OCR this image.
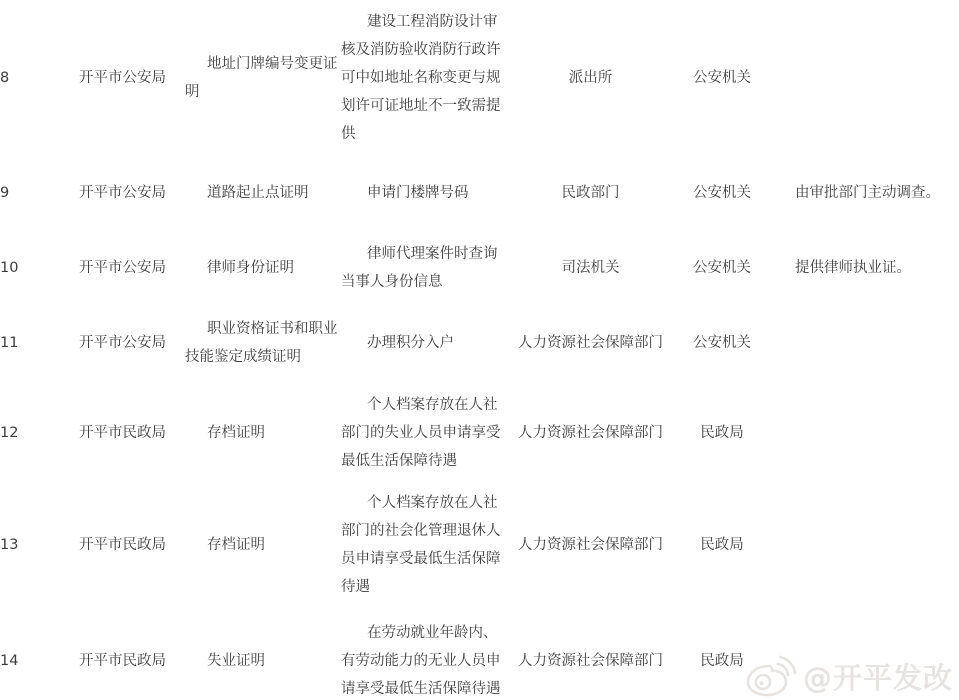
8	开平市公安局	地址门牌编号变更证明	建设工程消防设计审核及消防验收消防行政许可中如地址名称变更与规划许可证地址不一致需提供	派出所	公安机关	
9	开平市公安局	道路起止点证明	申请门楼牌号码	民政部门	公安机关	由审批部门主动调查。
10	开平市公安局	律师身份证明	律师代理案件时查询当事人身份信息	司法机关	公安机关	提供律师执业证。
11	开平市公安局	职业资格证书和职业技能鉴定成绩证明	办理积分入户	人力资源社会保障部门	公安机关	
12	开平市民政局	存档证明	个人档案存放在人社部门的失业人员申请享受最低生活保障待遇	人力资源社会保障部门	民政局	
13	开平市民政局	存档证明	个人档案存放在人社部门的社会化管理退休人员申请享受最低生活保障待遇	人力资源社会保障部门	民政局	
14	开平市民政局	失业证明	在劳动就业年龄内、有劳动能力的无业人员申请享受最低生活保障待遇	人力资源社会保障部门	民政局	@开平发改
